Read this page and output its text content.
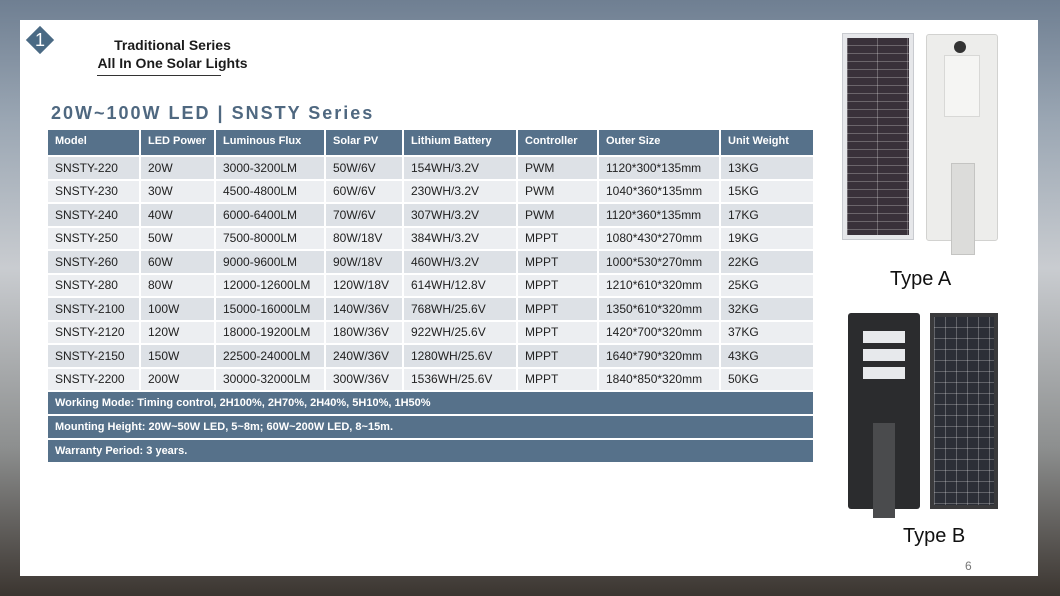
1	Traditional Series
All In One Solar Lights
20W~100W LED | SNSTY Series
Model	LED Power	Luminous Flux	Solar PV	Lithium Battery	Controller	Outer Size	Unit Weight
SNSTY-220	20W	3000-3200LM	50W/6V	154WH/3.2V	PWM	1120*300*135mm	13KG
SNSTY-230	30W	4500-4800LM	60W/6V	230WH/3.2V	PWM	1040*360*135mm	15KG
SNSTY-240	40W	6000-6400LM	70W/6V	307WH/3.2V	PWM	1120*360*135mm	17KG
SNSTY-250	50W	7500-8000LM	80W/18V	384WH/3.2V	MPPT	1080*430*270mm	19KG
SNSTY-260	60W	9000-9600LM	90W/18V	460WH/3.2V	MPPT	1000*530*270mm	22KG
SNSTY-280	80W	12000-12600LM	120W/18V	614WH/12.8V	MPPT	1210*610*320mm	25KG
SNSTY-2100	100W	15000-16000LM	140W/36V	768WH/25.6V	MPPT	1350*610*320mm	32KG
SNSTY-2120	120W	18000-19200LM	180W/36V	922WH/25.6V	MPPT	1420*700*320mm	37KG
SNSTY-2150	150W	22500-24000LM	240W/36V	1280WH/25.6V	MPPT	1640*790*320mm	43KG
SNSTY-2200	200W	30000-32000LM	300W/36V	1536WH/25.6V	MPPT	1840*850*320mm	50KG
Working Mode: Timing control, 2H100%, 2H70%, 2H40%, 5H10%, 1H50%							
Mounting Height: 20W~50W LED, 5~8m; 60W~200W LED, 8~15m.							
Warranty Period: 3 years.							
Type A
Type B
6
